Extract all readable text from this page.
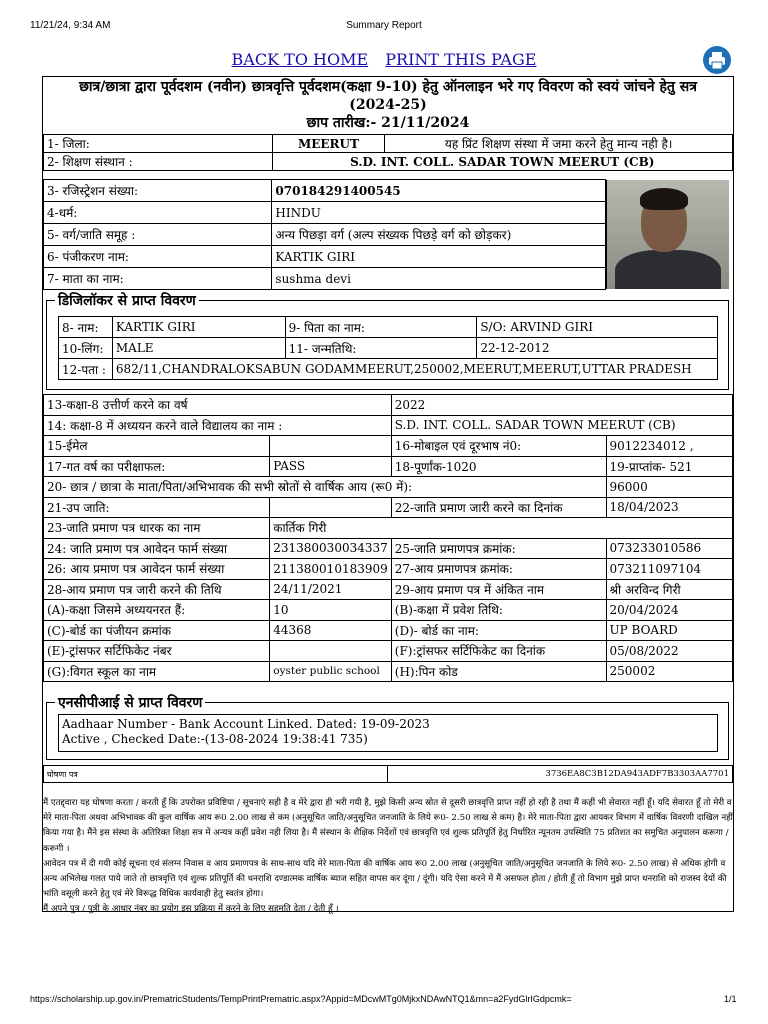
11/21/24, 9:34 AM	Summary Report
BACK TO HOME PRINT THIS PAGE
छात्र/छात्रा द्वारा पूर्वदशम (नवीन) छात्रवृत्ति पूर्वदशम(कक्षा 9-10) हेतु ऑनलाइन भरे गए विवरण को स्वयं जांचने हेतु सत्र
(2024-25)
छाप तारीख:- 21/11/2024
1- जिला:	MEERUT	यह प्रिंट शिक्षण संस्था में जमा करने हेतु मान्य नही है।
2- शिक्षण संस्थान :	S.D. INT. COLL. SADAR TOWN MEERUT (CB)	
3- रजिस्ट्रेशन संख्या:	070184291400545
4-धर्म:	HINDU
5- वर्ग/जाति समूह :	अन्य पिछड़ा वर्ग (अल्प संख्यक पिछड़े वर्ग को छोड़कर)
6- पंजीकरण नाम:	KARTIK GIRI
7- माता का नाम:	sushma devi
डिजिलॉकर से प्राप्त विवरण
8- नाम:	KARTIK GIRI	9- पिता का नाम:	S/O: ARVIND GIRI
10-लिंग:	MALE	11- जन्मतिथि:	22-12-2012
12-पता :	682/11,CHANDRALOKSABUN GODAMMEERUT,250002,MEERUT,MEERUT,UTTAR PRADESH		
13-कक्षा-8 उत्तीर्ण करने का वर्ष		2022	
14: कक्षा-8 में अध्ययन करने वाले विद्यालय का नाम :		S.D. INT. COLL. SADAR TOWN MEERUT (CB)	
15-ईमेल		16-मोबाइल एवं दूरभाष नं0:	9012234012 ,
17-गत वर्ष का परीक्षाफल:	PASS	18-पूर्णांक-1020	19-प्राप्तांक- 521
20- छात्र / छात्रा के माता/पिता/अभिभावक की सभी स्रोतों से वार्षिक आय (रू0 में):			96000
21-उप जाति:		22-जाति प्रमाण जारी करने का दिनांक	18/04/2023
23-जाति प्रमाण पत्र धारक का नाम	कार्तिक गिरी		
24: जाति प्रमाण पत्र आवेदन फार्म संख्या	231380030034337	25-जाति प्रमाणपत्र क्रमांक:	073233010586
26: आय प्रमाण पत्र आवेदन फार्म संख्या	211380010183909	27-आय प्रमाणपत्र क्रमांक:	073211097104
28-आय प्रमाण पत्र जारी करने की तिथि	24/11/2021	29-आय प्रमाण पत्र में अंकित नाम	श्री अरविन्द गिरी
(A)-कक्षा जिसमे अध्ययनरत हैं:	10	(B)-कक्षा में प्रवेश तिथि:	20/04/2024
(C)-बोर्ड का पंजीयन क्रमांक	44368	(D)- बोर्ड का नाम:	UP BOARD
(E)-ट्रांसफर सर्टिफिकेट नंबर		(F):ट्रांसफर सर्टिफिकेट का दिनांक	05/08/2022
(G):विगत स्कूल का नाम	oyster public school	(H):पिन कोड	250002
एनसीपीआई से प्राप्त विवरण
Aadhaar Number - Bank Account Linked. Dated: 19-09-2023
Active , Checked Date:-(13-08-2024 19:38:41 735)
घोषणा पत्र	3736EA8C3B12DA943ADF7B3303AA7701

मैं एतद्द्वारा यह घोषणा करता / करती हूँ कि उपरोक्त प्रविष्टिया / सूचनाएं सही है व मेरे द्वारा ही भरी गयी है, मुझे किसी अन्य स्रोत से दूसरी छात्रवृत्ति प्राप्त नहीं हो रही है तथा मैं कहीं भी सेवारत नहीं हूँ। यदि सेवारत हूँ तो मेरी व मेरे माता-पिता अथवा अभिभावक की कुल वार्षिक आय रू0 2.00 लाख से कम (अनुसूचित जाति/अनुसूचित जनजाति के लिये रू0- 2.50 लाख से कम) है। मेरे माता-पिता द्वारा आयकर विभाग में वार्षिक विवरणी दाखिल नहीं किया गया है। मैंने इस संस्था के अतिरिक्त शिक्षा सत्र में अन्यत्र कहीं प्रवेश नही लिया है। मैं संस्थान के शैक्षिक निर्देशों एवं छात्रवृत्ति एवं शुल्क प्रतिपूर्ति हेतु निर्धारित न्यूनतम उपस्थिति 75 प्रतिशत का समुचित अनुपालन करूगा / करूगी ।

आवेदन पत्र में दी गयी कोई सूचना एवं संलग्न निवास व आय प्रमाणपत्र के साथ-साथ यदि मेरे माता-पिता की वार्षिक आय रू0 2.00 लाख (अनुसूचित जाति/अनुसूचित जनजाति के लिये रू0- 2.50 लाख) से अधिक होगी व अन्य अभिलेख गलत पाये जाते तो छात्रवृत्ति एवं शुल्क प्रतिपूर्ति की धनराशि दण्डात्मक वार्षिक ब्याज सहित वापस कर दूंगा / दूंगी। यदि ऐसा करने में मैं असफल होता / होती हूँ तो विभाग मुझे प्राप्त धनराशि को राजस्व देयों की भांति वसूली करने हेतु एवं मेरे विरूद्ध विधिक कार्यवाही हेतु स्वतंत्र होगा।

मैं अपने पुत्र / पुत्री के आधार नंबर का प्रयोग इस प्रक्रिया में करने के लिए सहमति देता / देती हूँ ।

https://scholarship.up.gov.in/PrematricStudents/TempPrintPrematric.aspx?Appid=MDcwMTg0MjkxNDAwNTQ1&mn=a2FydGlrIGdpcmk=	1/1
